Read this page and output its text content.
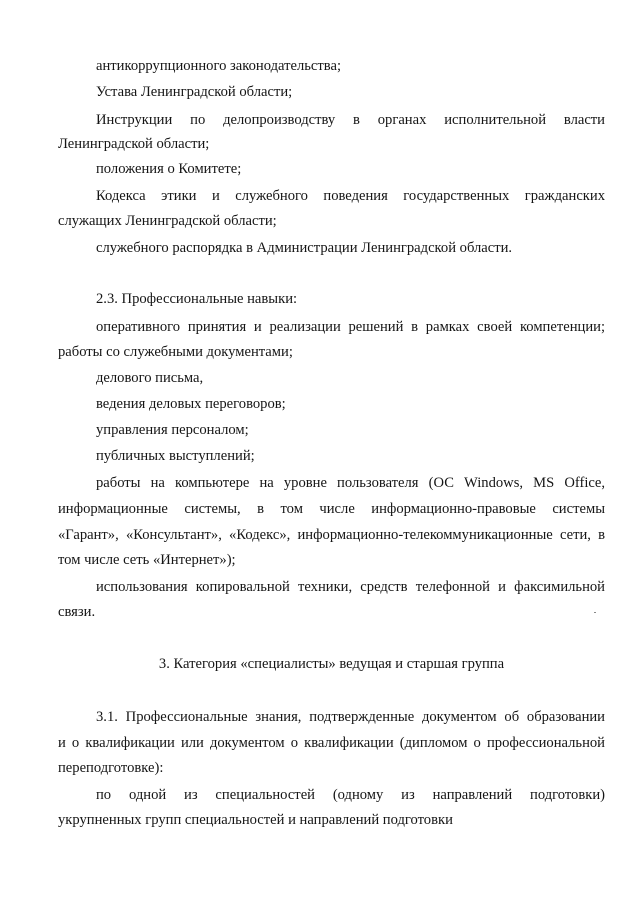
антикоррупционного законодательства;

Устава Ленинградской области;

Инструкции по делопроизводству в органах исполнительной власти

Ленинградской области;

положения о Комитете;

Кодекса этики и служебного поведения государственных гражданских

служащих Ленинградской области;

служебного распорядка в Администрации Ленинградской области.

2.3. Профессиональные навыки:

оперативного принятия и реализации решений в рамках своей компетенции;

работы со служебными документами;

делового письма,

ведения деловых переговоров;

управления персоналом;

публичных выступлений;

работы на компьютере на уровне пользователя (ОС Windows, MS Office,

информационные системы, в том числе информационно-правовые системы

«Гарант», «Консультант», «Кодекс», информационно-телекоммуникационные сети, в

том числе сеть «Интернет»);

использования копировальной техники, средств телефонной и факсимильной

связи.

3. Категория «специалисты» ведущая и старшая группа

3.1. Профессиональные знания, подтвержденные документом об образовании

и о квалификации или документом о квалификации (дипломом о профессиональной

переподготовке):

по одной из специальностей (одному из направлений подготовки)

укрупненных групп специальностей и направлений подготовки
